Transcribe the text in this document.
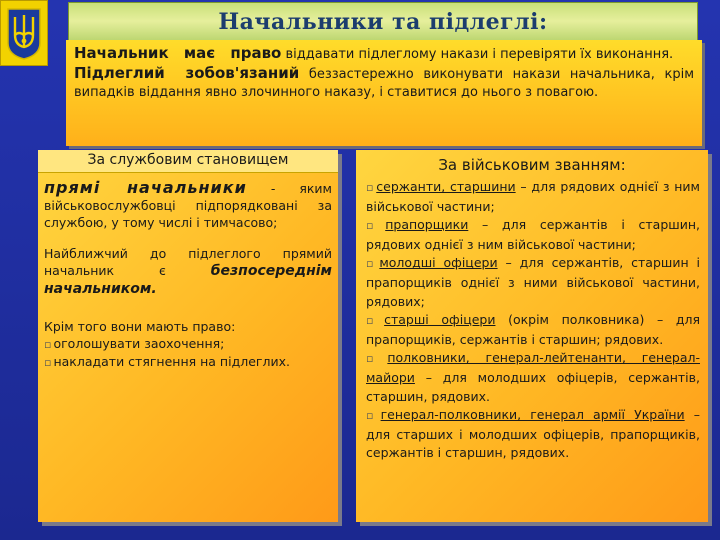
Начальники та підлеглі:

Начальник має право віддавати підлеглому накази і перевіряти їх виконання.

Підлеглий зобов'язаний беззастережно виконувати накази начальника, крім випадків віддання явно злочинного наказу, і ставитися до нього з повагою.

За службовим становищем

прямі начальники - яким військовослужбовці підпорядковані за службою, у тому числі і тимчасово;

Найближчий до підлеглого прямий начальник є безпосереднім начальником.

Крім того вони мають право:

▫ оголошувати заохочення;
▫ накладати стягнення на підлеглих.
За військовим званням:
▫ сержанти, старшини – для рядових однієї з ним військової частини;
▫ прапорщики – для сержантів і старшин, рядових однієї з ним військової частини;
▫ молодші офіцери – для сержантів, старшин і прапорщиків однієї з ними військової частини, рядових;
▫ старші офіцери (окрім полковника) – для прапорщиків, сержантів і старшин; рядових.
▫ полковники, генерал-лейтенанти, генерал-майори – для молодших офіцерів, сержантів, старшин, рядових.
▫ генерал-полковники, генерал армії України – для старших і молодших офіцерів, прапорщиків, сержантів і старшин, рядових.
